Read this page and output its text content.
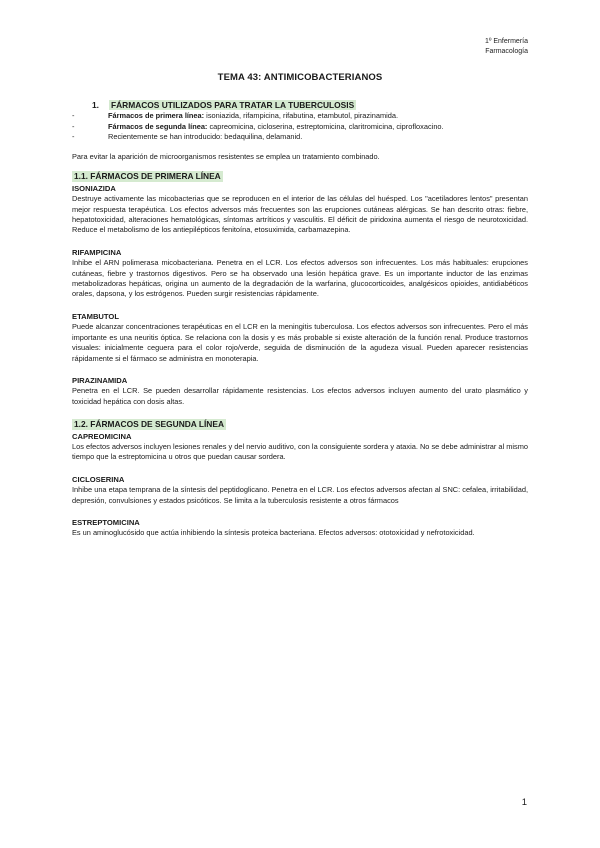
1º Enfermería
Farmacología
TEMA 43: ANTIMICOBACTERIANOS
1. FÁRMACOS UTILIZADOS PARA TRATAR LA TUBERCULOSIS
-	Fármacos de primera línea: isoniazida, rifampicina, rifabutina, etambutol, pirazinamida.
-	Fármacos de segunda línea: capreomicina, cicloserina, estreptomicina, claritromicina, ciprofloxacino.
-	Recientemente se han introducido: bedaquilina, delamanid.
Para evitar la aparición de microorganismos resistentes se emplea un tratamiento combinado.
1.1. FÁRMACOS DE PRIMERA LÍNEA
ISONIAZIDA
Destruye activamente las micobacterias que se reproducen en el interior de las células del huésped. Los "acetiladores lentos" presentan mejor respuesta terapéutica. Los efectos adversos más frecuentes son las erupciones cutáneas alérgicas. Se han descrito otras: fiebre, hepatotoxicidad, alteraciones hematológicas, síntomas artríticos y vasculitis. El déficit de piridoxina aumenta el riesgo de neurotoxicidad. Reduce el metabolismo de los antiepilépticos fenitoína, etosuximida, carbamazepina.
RIFAMPICINA
Inhibe el ARN polimerasa micobacteriana. Penetra en el LCR. Los efectos adversos son infrecuentes. Los más habituales: erupciones cutáneas, fiebre y trastornos digestivos. Pero se ha observado una lesión hepática grave. Es un importante inductor de las enzimas metabolizadoras hepáticas, origina un aumento de la degradación de la warfarina, glucocorticoides, analgésicos opioides, antidiabéticos orales, dapsona, y los estrógenos. Pueden surgir resistencias rápidamente.
ETAMBUTOL
Puede alcanzar concentraciones terapéuticas en el LCR en la meningitis tuberculosa. Los efectos adversos son infrecuentes. Pero el más importante es una neuritis óptica. Se relaciona con la dosis y es más probable si existe alteración de la función renal. Produce trastornos visuales: inicialmente ceguera para el color rojo/verde, seguida de disminución de la agudeza visual. Pueden aparecer resistencias rápidamente si el fármaco se administra en monoterapia.
PIRAZINAMIDA
Penetra en el LCR. Se pueden desarrollar rápidamente resistencias. Los efectos adversos incluyen aumento del urato plasmático y toxicidad hepática con dosis altas.
1.2. FÁRMACOS DE SEGUNDA LÍNEA
CAPREOMICINA
Los efectos adversos incluyen lesiones renales y del nervio auditivo, con la consiguiente sordera y ataxia. No se debe administrar al mismo tiempo que la estreptomicina u otros que puedan causar sordera.
CICLOSERINA
Inhibe una etapa temprana de la síntesis del peptidoglicano. Penetra en el LCR. Los efectos adversos afectan al SNC: cefalea, irritabilidad, depresión, convulsiones y estados psicóticos. Se limita a la tuberculosis resistente a otros fármacos
ESTREPTOMICINA
Es un aminoglucósido que actúa inhibiendo la síntesis proteica bacteriana. Efectos adversos: ototoxicidad y nefrotoxicidad.
1
